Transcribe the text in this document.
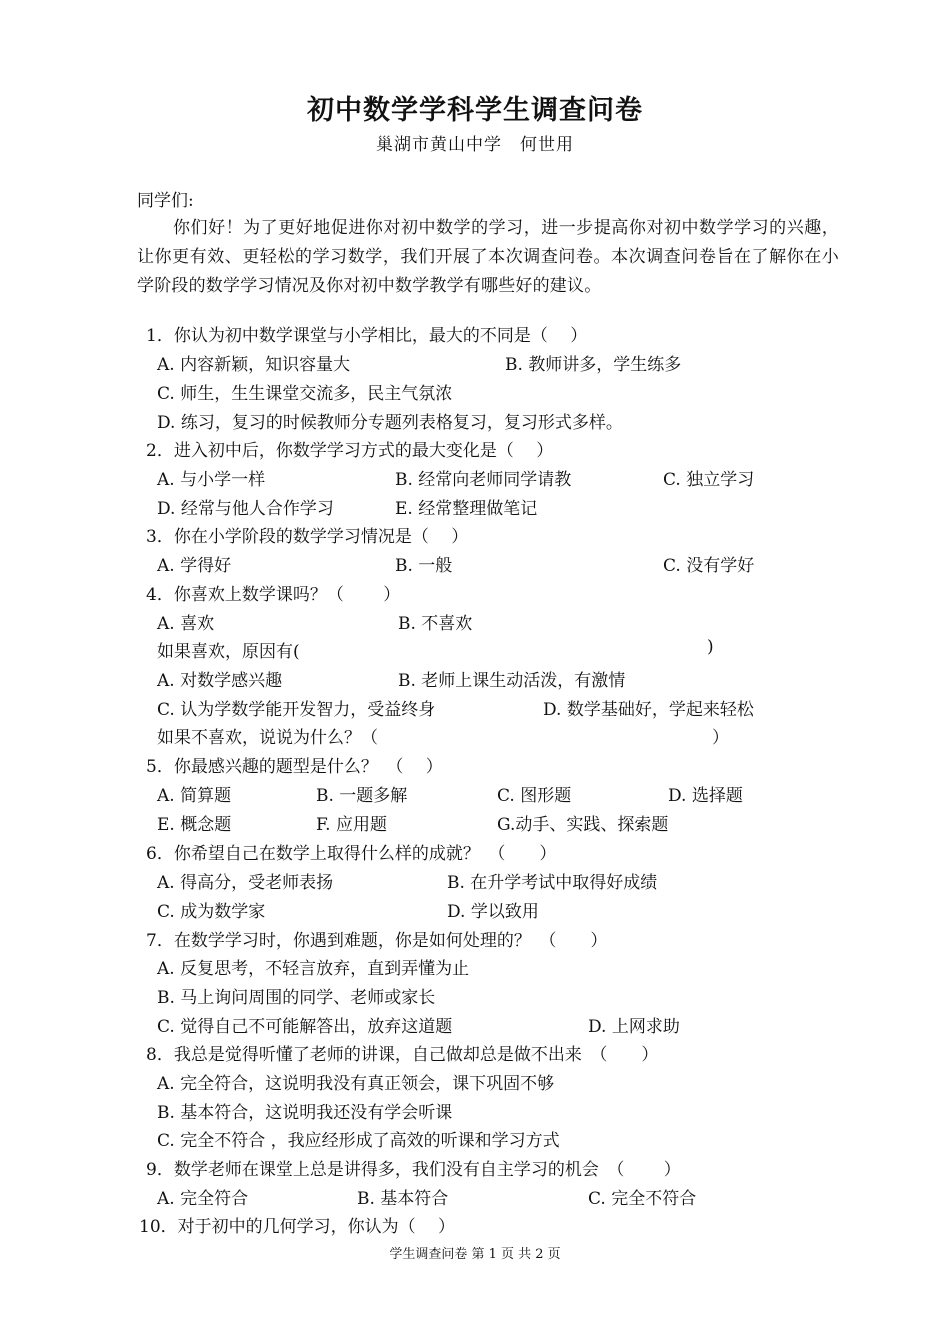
初中数学学科学生调查问卷
巢湖市黄山中学　何世用
同学们:
你们好！为了更好地促进你对初中数学的学习，进一步提高你对初中数学学习的兴趣，让你更有效、更轻松的学习数学，我们开展了本次调查问卷。本次调查问卷旨在了解你在小学阶段的数学学习情况及你对初中数学教学有哪些好的建议。
1．你认为初中数学课堂与小学相比，最大的不同是（　 ）
A. 内容新颖，知识容量大	B. 教师讲多，学生练多
C. 师生，生生课堂交流多，民主气氛浓
D. 练习，复习的时候教师分专题列表格复习，复习形式多样。
2．进入初中后，你数学学习方式的最大变化是（　 ）
A. 与小学一样	B. 经常向老师同学请教	C. 独立学习
D. 经常与他人合作学习	E. 经常整理做笔记
3．你在小学阶段的数学学习情况是（　 ）
A. 学得好	B. 一般	C. 没有学好
4．你喜欢上数学课吗？（　　 ）
A. 喜欢	B. 不喜欢
如果喜欢，原因有(	)
A. 对数学感兴趣	B. 老师上课生动活泼，有激情
C. 认为学数学能开发智力，受益终身	D. 数学基础好，学起来轻松
如果不喜欢，说说为什么？（	）
5．你最感兴趣的题型是什么？　（　 ）
A. 简算题	B. 一题多解	C. 图形题	D. 选择题
E. 概念题	F. 应用题	G.动手、实践、探索题
6．你希望自己在数学上取得什么样的成就？　（　　）
A. 得高分，受老师表扬	B. 在升学考试中取得好成绩
C. 成为数学家	D. 学以致用
7．在数学学习时，你遇到难题，你是如何处理的？　（　　）
A. 反复思考，不轻言放弃，直到弄懂为止
B. 马上询问周围的同学、老师或家长
C. 觉得自己不可能解答出，放弃这道题	D. 上网求助
8．我总是觉得听懂了老师的讲课，自己做却总是做不出来　（　　）
A. 完全符合，这说明我没有真正领会，课下巩固不够
B. 基本符合，这说明我还没有学会听课
C. 完全不符合 ，我应经形成了高效的听课和学习方式
9．数学老师在课堂上总是讲得多，我们没有自主学习的机会　（　　 ）
A. 完全符合	B. 基本符合	C. 完全不符合
10．对于初中的几何学习，你认为（　 ）
学生调查问卷 第 1 页 共 2 页
